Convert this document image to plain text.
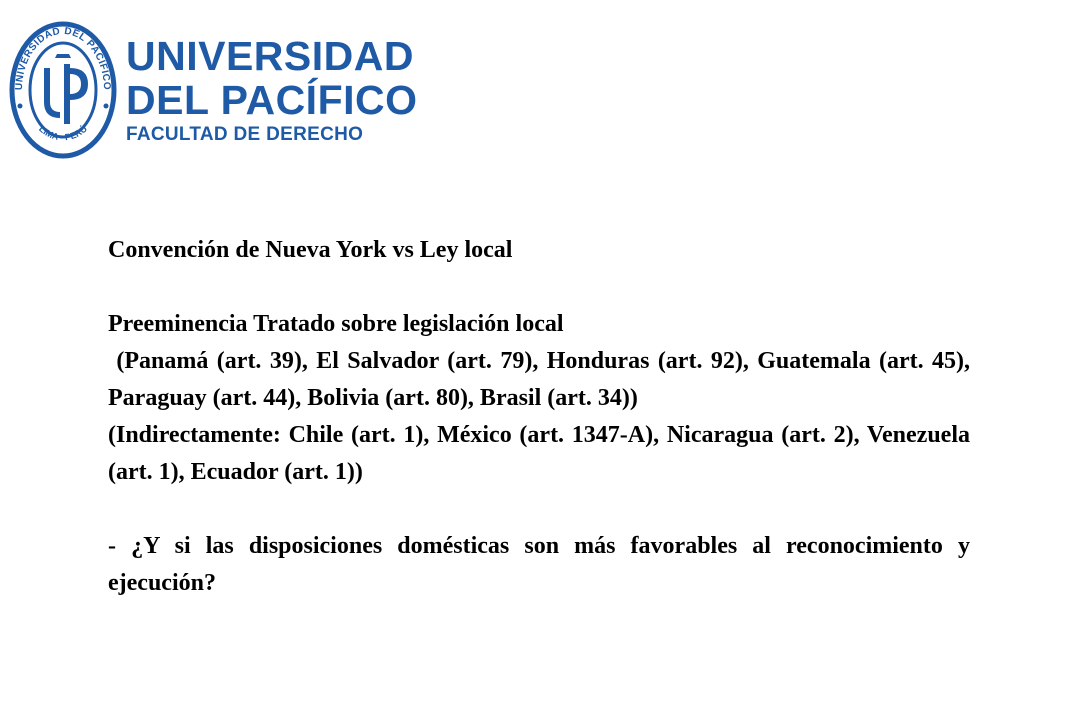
UNIVERSIDAD DEL PACÍFICO
LIMA - PERÚ
UNIVERSIDAD
DEL PACÍFICO
FACULTAD DE DERECHO

Convención de Nueva York vs Ley local

Preeminencia Tratado sobre legislación local

(Panamá (art. 39), El Salvador (art. 79), Honduras (art. 92), Guatemala (art. 45), Paraguay (art. 44), Bolivia (art. 80), Brasil (art. 34))

(Indirectamente: Chile (art. 1), México (art. 1347-A), Nicaragua (art. 2), Venezuela (art. 1), Ecuador (art. 1))

- ¿Y si las disposiciones domésticas son más favorables al reconocimiento y ejecución?
